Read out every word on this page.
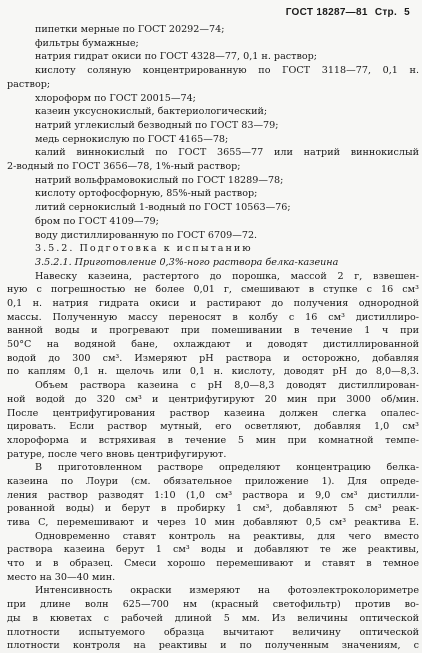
ГОСТ 18287—81 Стр. 5
пипетки мерные по ГОСТ 20292—74;
фильтры бумажные;
натрия гидрат окиси по ГОСТ 4328—77, 0,1 н. раствор;
кислоту соляную концентрированную по ГОСТ 3118—77, 0,1 н.
раствор;
хлороформ по ГОСТ 20015—74;
казеин уксуснокислый, бактериологический;
натрий углекислый безводный по ГОСТ 83—79;
медь сернокислую по ГОСТ 4165—78;
калий виннокислый по ГОСТ 3655—77 или натрий виннокислый
2-водный по ГОСТ 3656—78, 1%-ный раствор;
натрий вольфрамовокислый по ГОСТ 18289—78;
кислоту ортофосфорную, 85%-ный раствор;
литий сернокислый 1-водный по ГОСТ 10563—76;
бром по ГОСТ 4109—79;
воду дистиллированную по ГОСТ 6709—72.
3.5.2. Подготовка к испытанию
3.5.2.1. Приготовление 0,3%-ного раствора белка-казеина
Навеску казеина, растертого до порошка, массой 2 г, взвешен-
ную с погрешностью не более 0,01 г, смешивают в ступке с 16 см³
0,1 н. натрия гидрата окиси и растирают до получения однородной
массы. Полученную массу переносят в колбу с 16 см³ дистиллиро-
ванной воды и прогревают при помешивании в течение 1 ч при
50°С на водяной бане, охлаждают и доводят дистиллированной
водой до 300 см³. Измеряют pH раствора и осторожно, добавляя
по каплям 0,1 н. щелочь или 0,1 н. кислоту, доводят pH до 8,0—8,3.
Объем раствора казеина с pH 8,0—8,3 доводят дистиллирован-
ной водой до 320 см³ и центрифугируют 20 мин при 3000 об/мин.
После центрифугирования раствор казеина должен слегка опалес-
цировать. Если раствор мутный, его осветляют, добавляя 1,0 см³
хлороформа и встряхивая в течение 5 мин при комнатной темпе-
ратуре, после чего вновь центрифугируют.
В приготовленном растворе определяют концентрацию белка-
казеина по Лоури (см. обязательное приложение 1). Для опреде-
ления раствор разводят 1:10 (1,0 см³ раствора и 9,0 см³ дистилли-
рованной воды) и берут в пробирку 1 см³, добавляют 5 см³ реак-
тива С, перемешивают и через 10 мин добавляют 0,5 см³ реактива Е.
Одновременно ставят контроль на реактивы, для чего вместо
раствора казеина берут 1 см³ воды и добавляют те же реактивы,
что и в образец. Смеси хорошо перемешивают и ставят в темное
место на 30—40 мин.
Интенсивность окраски измеряют на фотоэлектроколориметре
при длине волн 625—700 нм (красный светофильтр) против во-
ды в кюветах с рабочей длиной 5 мм. Из величины оптической
плотности испытуемого образца вычитают величину оптической
плотности контроля на реактивы и по полученным значениям, с
